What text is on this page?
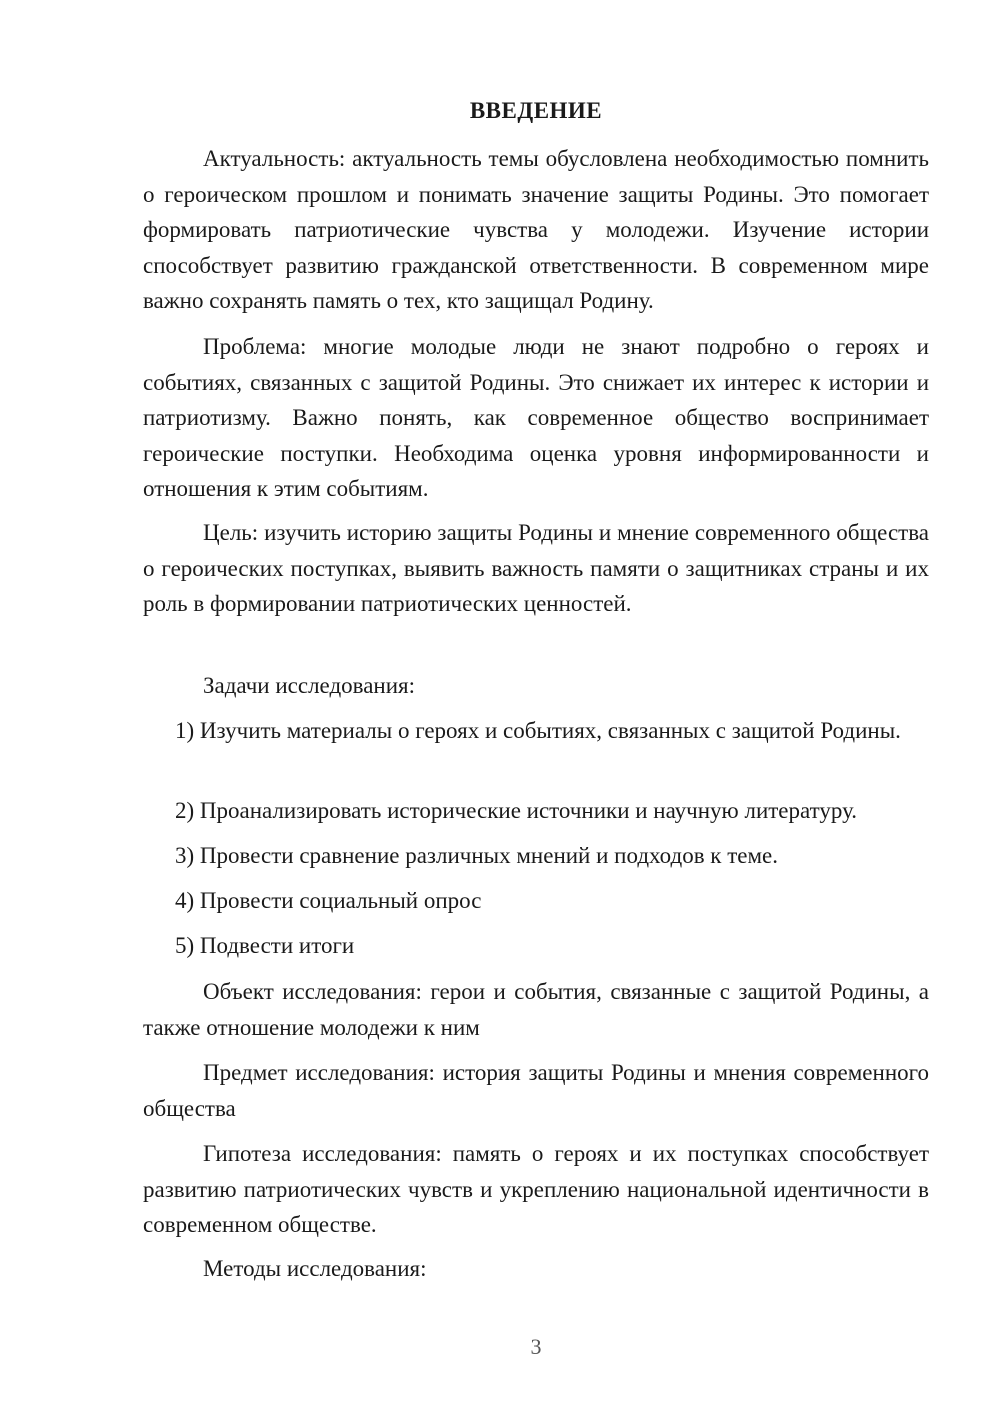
ВВЕДЕНИЕ

Актуальность: актуальность темы обусловлена необходимостью помнить о героическом прошлом и понимать значение защиты Родины. Это помогает формировать патриотические чувства у молодежи. Изучение истории способствует развитию гражданской ответственности. В современном мире важно сохранять память о тех, кто защищал Родину.

Проблема: многие молодые люди не знают подробно о героях и событиях, связанных с защитой Родины. Это снижает их интерес к истории и патриотизму. Важно понять, как современное общество воспринимает героические поступки. Необходима оценка уровня информированности и отношения к этим событиям.

Цель: изучить историю защиты Родины и мнение современного общества о героических поступках, выявить важность памяти о защитниках страны и их роль в формировании патриотических ценностей.

Задачи исследования:

1) Изучить материалы о героях и событиях, связанных с защитой Родины.

2) Проанализировать исторические источники и научную литературу.

3) Провести сравнение различных мнений и подходов к теме.

4) Провести социальный опрос

5) Подвести итоги

Объект исследования: герои и события, связанные с защитой Родины, а также отношение молодежи к ним

Предмет исследования: история защиты Родины и мнения современного общества

Гипотеза исследования: память о героях и их поступках способствует развитию патриотических чувств и укреплению национальной идентичности в современном обществе.

Методы исследования:

3
